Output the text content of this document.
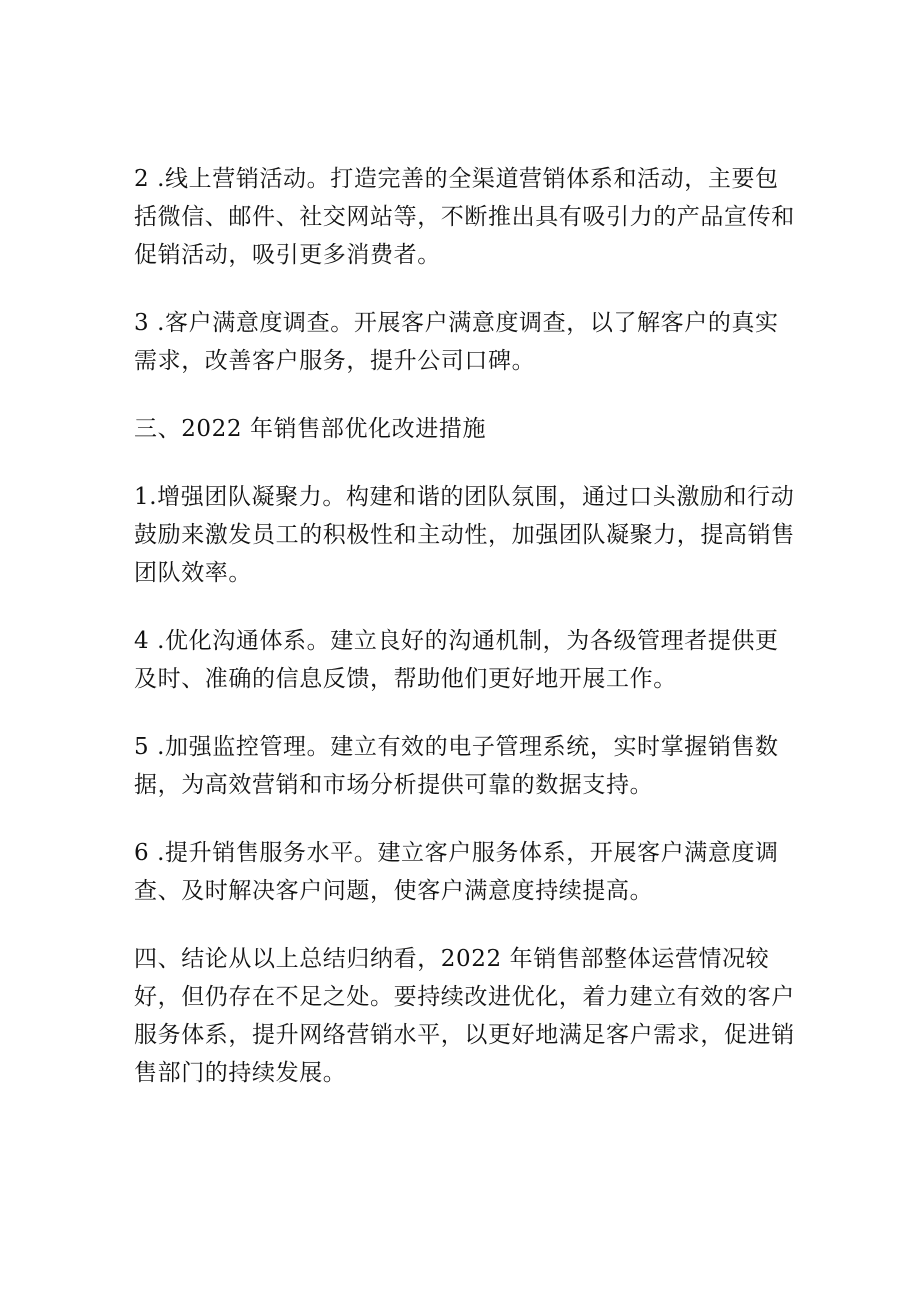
2 .线上营销活动。打造完善的全渠道营销体系和活动，主要包
括微信、邮件、社交网站等，不断推出具有吸引力的产品宣传和
促销活动，吸引更多消费者。

3 .客户满意度调查。开展客户满意度调查，以了解客户的真实
需求，改善客户服务，提升公司口碑。

三、2022 年销售部优化改进措施

1.增强团队凝聚力。构建和谐的团队氛围，通过口头激励和行动
鼓励来激发员工的积极性和主动性，加强团队凝聚力，提高销售
团队效率。

4 .优化沟通体系。建立良好的沟通机制，为各级管理者提供更
及时、准确的信息反馈，帮助他们更好地开展工作。

5 .加强监控管理。建立有效的电子管理系统，实时掌握销售数
据，为高效营销和市场分析提供可靠的数据支持。

6 .提升销售服务水平。建立客户服务体系，开展客户满意度调
查、及时解决客户问题，使客户满意度持续提高。

四、结论从以上总结归纳看，2022 年销售部整体运营情况较
好，但仍存在不足之处。要持续改进优化，着力建立有效的客户
服务体系，提升网络营销水平，以更好地满足客户需求，促进销
售部门的持续发展。
